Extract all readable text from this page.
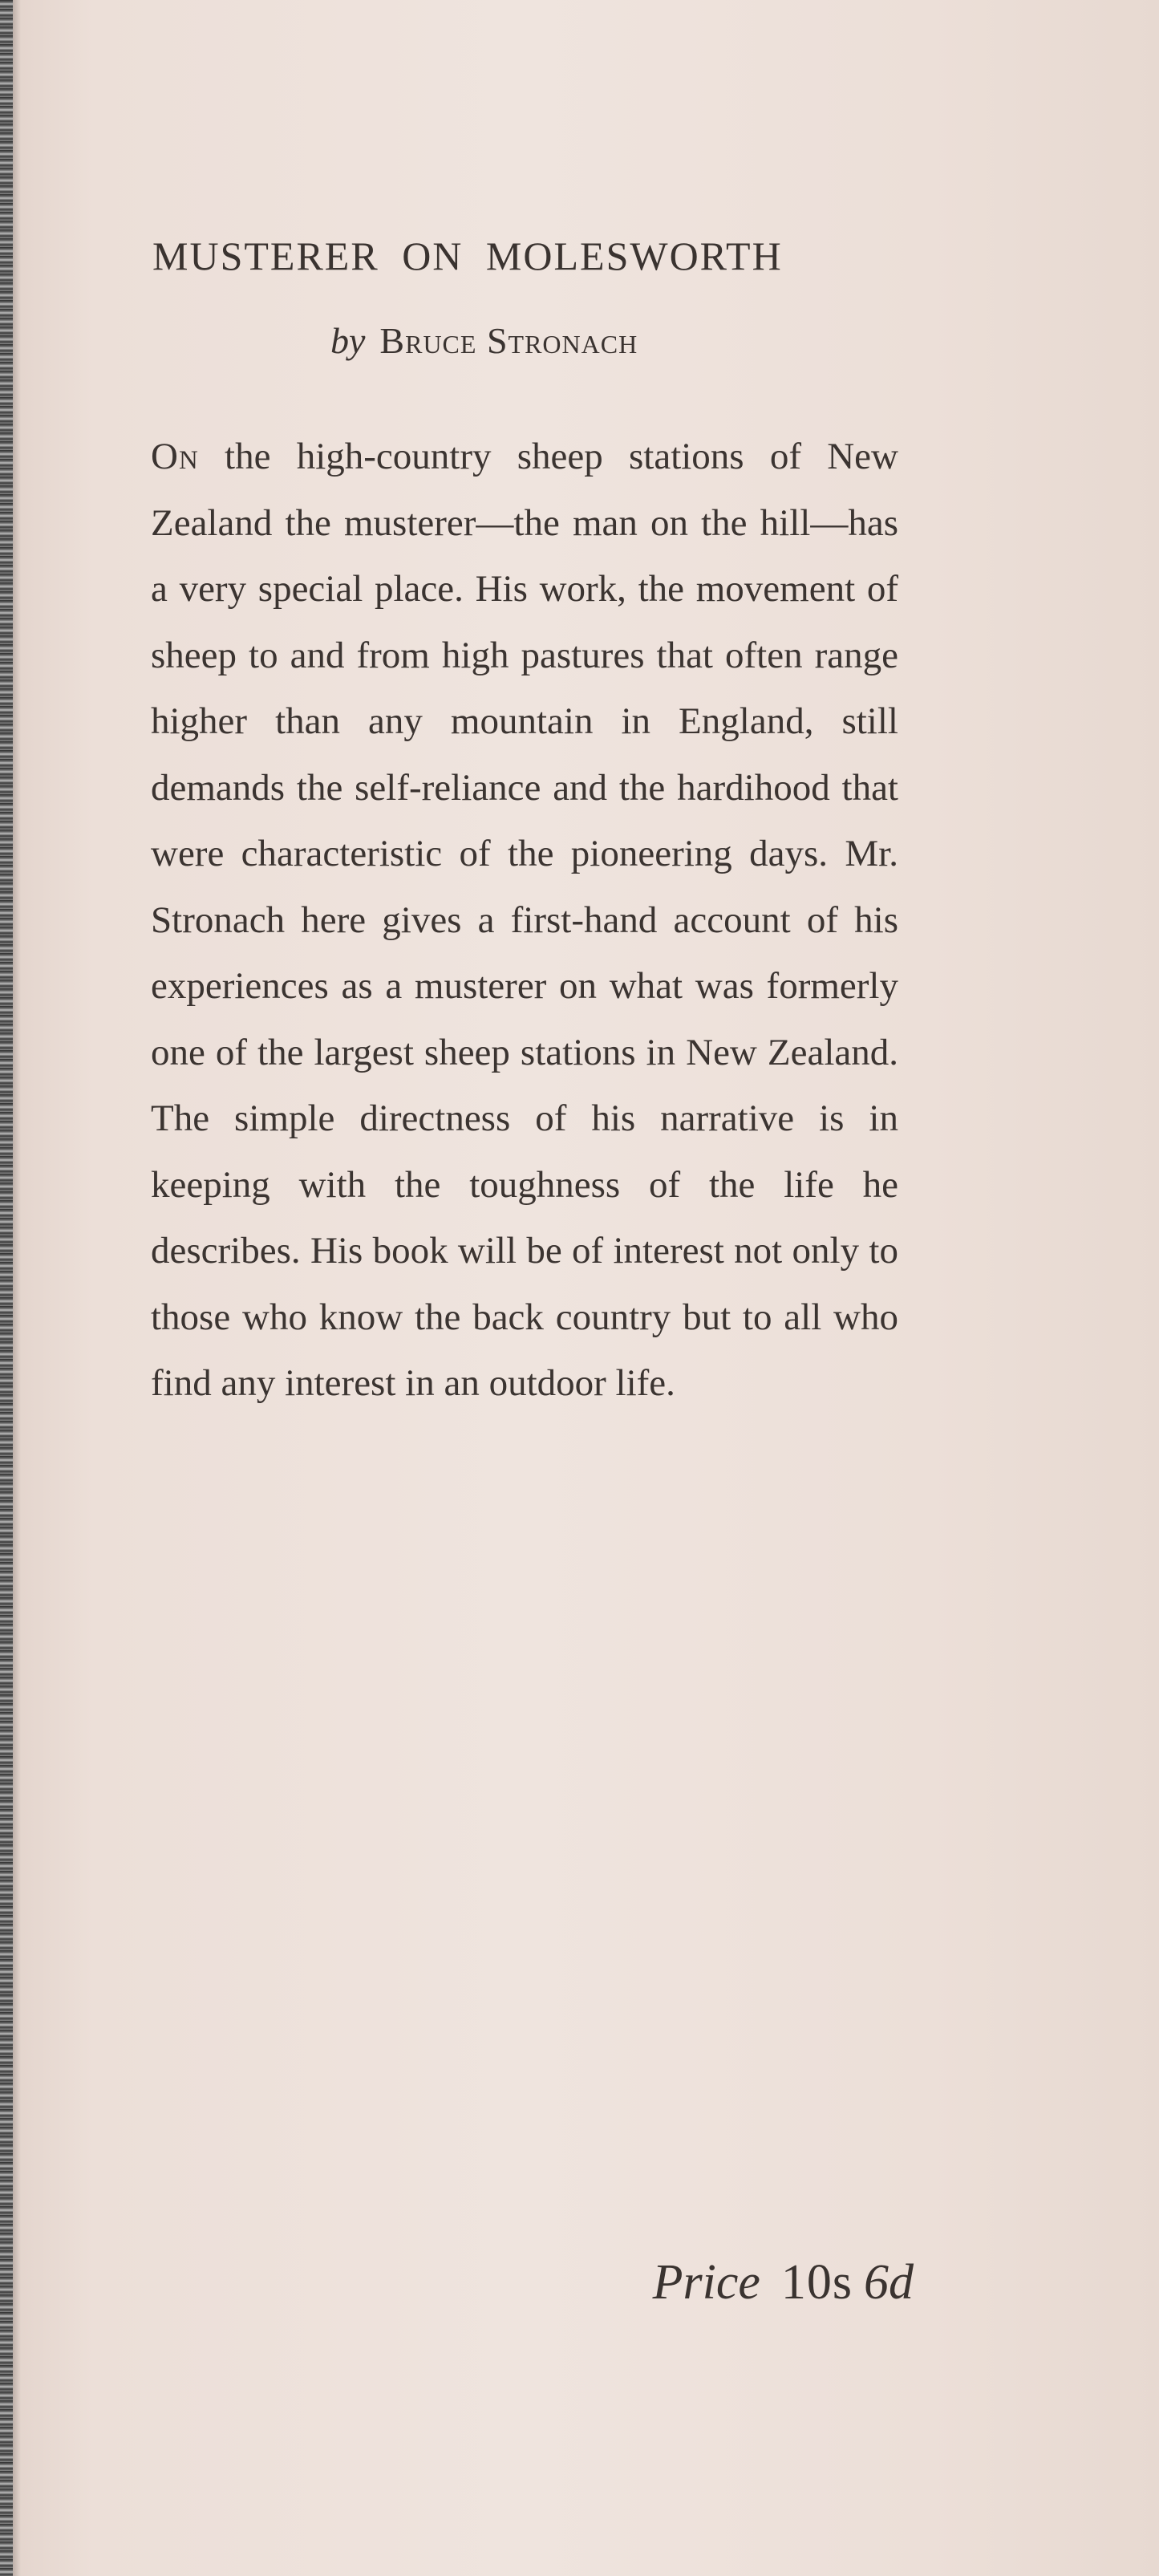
MUSTERER ON MOLESWORTH
by Bruce Stronach
On the high-country sheep stations of New Zealand the musterer—the man on the hill—has a very special place. His work, the movement of sheep to and from high pastures that often range higher than any mountain in England, still demands the self-reliance and the hardihood that were characteristic of the pioneering days. Mr. Stronach here gives a first-hand account of his experiences as a musterer on what was formerly one of the largest sheep stations in New Zealand. The simple directness of his narrative is in keeping with the toughness of the life he describes. His book will be of interest not only to those who know the back country but to all who find any interest in an outdoor life.
Price 10s 6d
